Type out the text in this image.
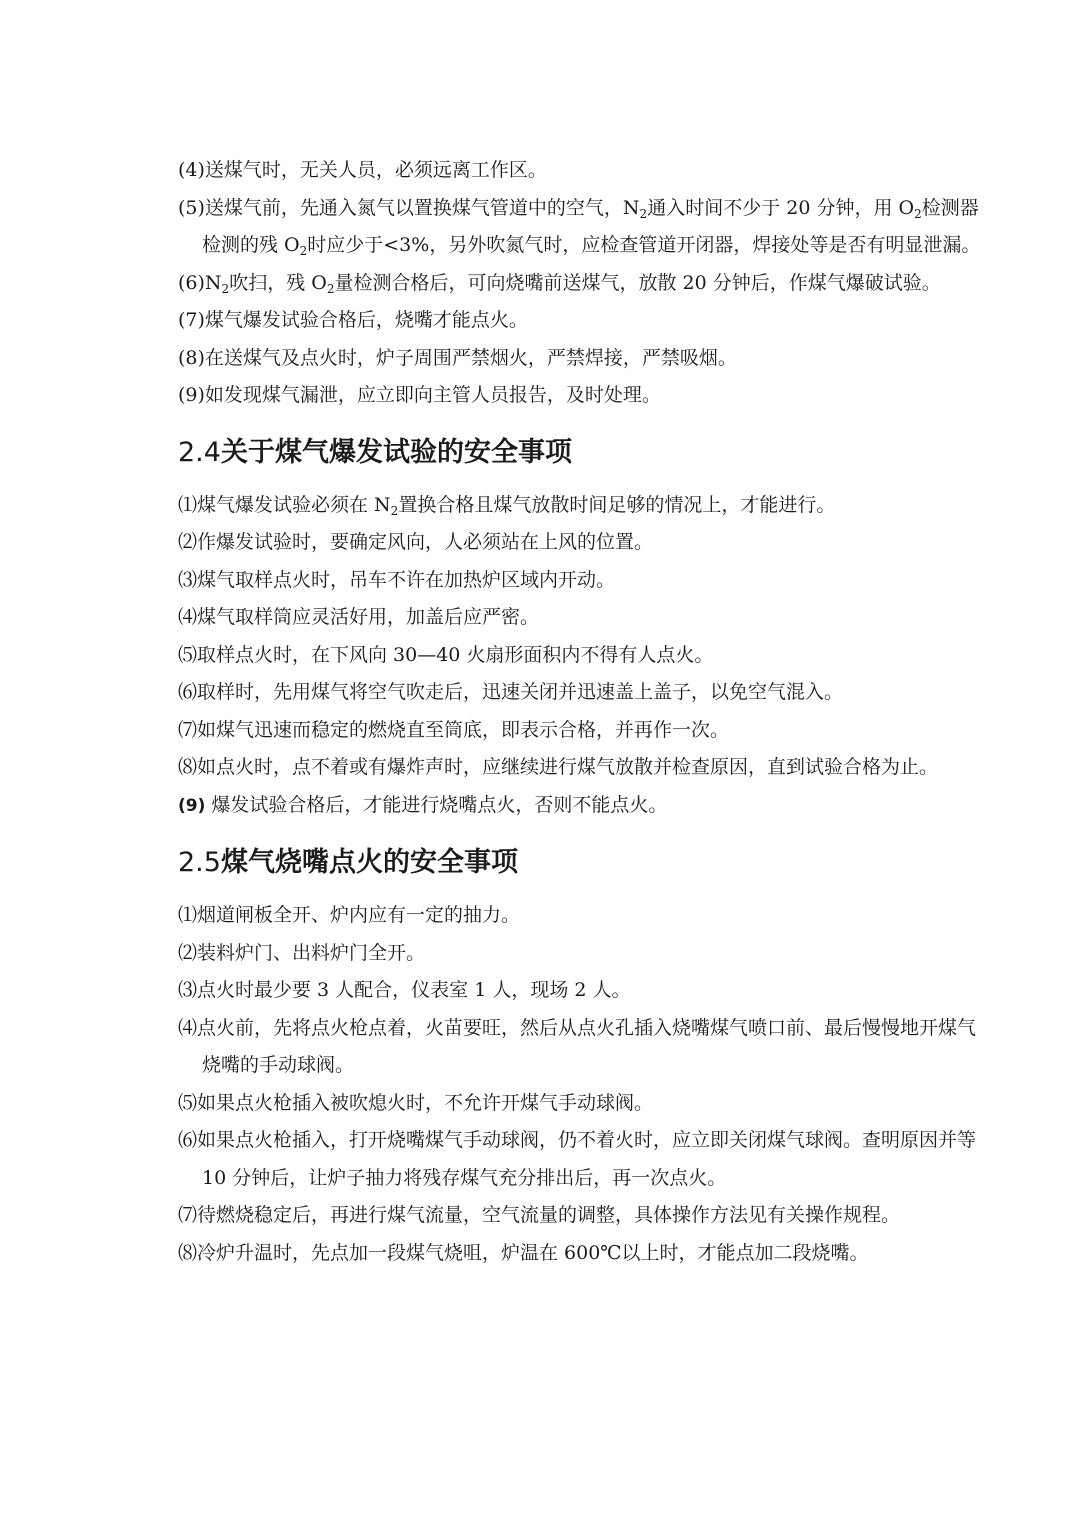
(4)送煤气时，无关人员，必须远离工作区。
(5)送煤气前，先通入氮气以置换煤气管道中的空气，$N_2$通入时间不少于 20 分钟，用 $O_2$检测器检测的残 $O_2$时应少于<3%，另外吹氮气时，应检查管道开闭器，焊接处等是否有明显泄漏。
$(6)N_2$吹扫，残 $O_2$量检测合格后，可向烧嘴前送煤气，放散 20 分钟后，作煤气爆破试验。
(7)煤气爆发试验合格后，烧嘴才能点火。
(8)在送煤气及点火时，炉子周围严禁烟火，严禁焊接，严禁吸烟。
(9)如发现煤气漏泄，应立即向主管人员报告，及时处理。
2.4关于煤气爆发试验的安全事项
⑴煤气爆发试验必须在 $N_2$置换合格且煤气放散时间足够的情况上，才能进行。
⑵作爆发试验时，要确定风向，人必须站在上风的位置。
⑶煤气取样点火时，吊车不许在加热炉区域内开动。
⑷煤气取样筒应灵活好用，加盖后应严密。
⑸取样点火时，在下风向 30—40 火扇形面积内不得有人点火。
⑹取样时，先用煤气将空气吹走后，迅速关闭并迅速盖上盖子，以免空气混入。
⑺如煤气迅速而稳定的燃烧直至筒底，即表示合格，并再作一次。
⑻如点火时，点不着或有爆炸声时，应继续进行煤气放散并检查原因，直到试验合格为止。
(9) 爆发试验合格后，才能进行烧嘴点火，否则不能点火。
2.5煤气烧嘴点火的安全事项
⑴烟道闸板全开、炉内应有一定的抽力。
⑵装料炉门、出料炉门全开。
⑶点火时最少要 3 人配合，仪表室 1 人，现场 2 人。
⑷点火前，先将点火枪点着，火苗要旺，然后从点火孔插入烧嘴煤气喷口前、最后慢慢地开煤气烧嘴的手动球阀。
⑸如果点火枪插入被吹熄火时，不允许开煤气手动球阀。
⑹如果点火枪插入，打开烧嘴煤气手动球阀，仍不着火时，应立即关闭煤气球阀。查明原因并等 10 分钟后，让炉子抽力将残存煤气充分排出后，再一次点火。
⑺待燃烧稳定后，再进行煤气流量，空气流量的调整，具体操作方法见有关操作规程。
⑻冷炉升温时，先点加一段煤气烧咀，炉温在 600℃以上时，才能点加二段烧嘴。
